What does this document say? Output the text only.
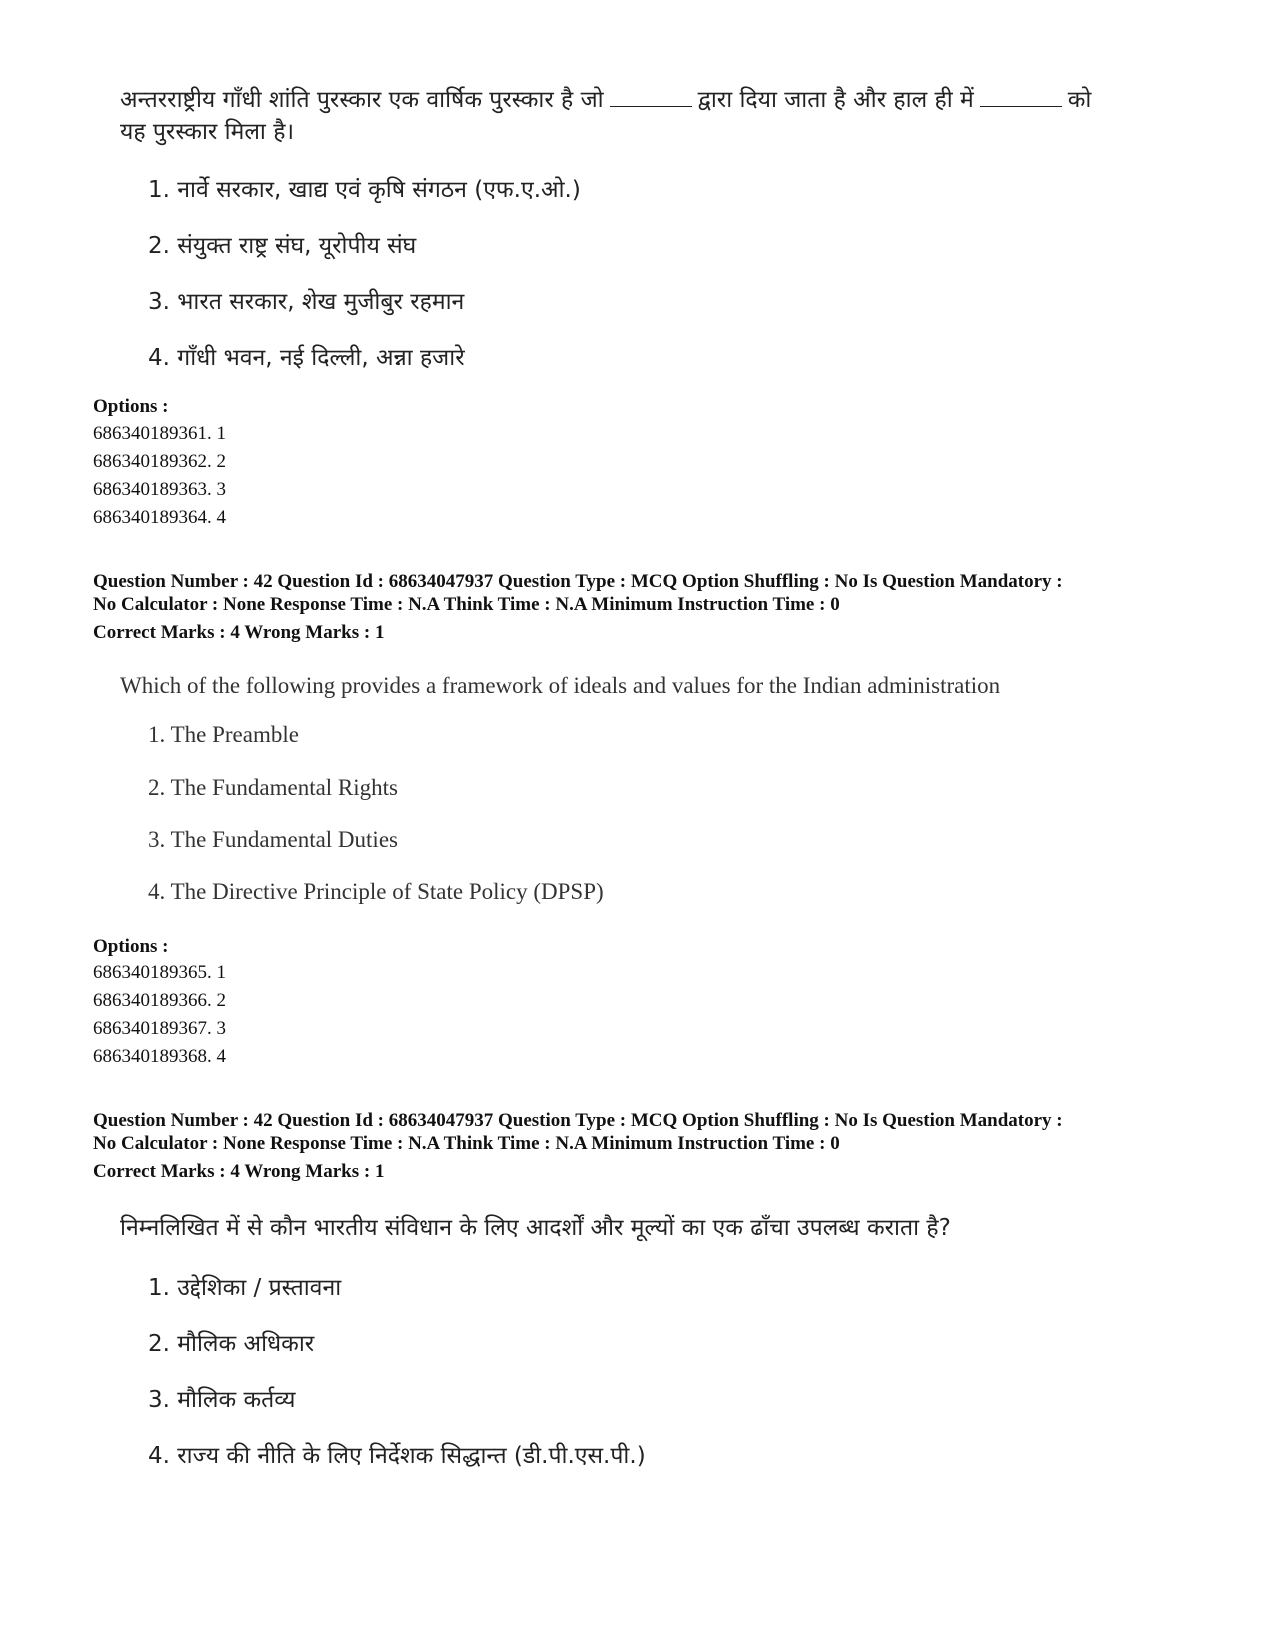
अन्तरराष्ट्रीय गाँधी शांति पुरस्कार एक वार्षिक पुरस्कार है जो	द्वारा दिया जाता है और हाल ही में	को
यह पुरस्कार मिला है।
1. नार्वे सरकार, खाद्य एवं कृषि संगठन (एफ.ए.ओ.)
2. संयुक्त राष्ट्र संघ, यूरोपीय संघ
3. भारत सरकार, शेख मुजीबुर रहमान
4. गाँधी भवन, नई दिल्ली, अन्ना हजारे
Options :
686340189361. 1
686340189362. 2
686340189363. 3
686340189364. 4
Question Number : 42 Question Id : 68634047937 Question Type : MCQ Option Shuffling : No Is Question Mandatory :
No Calculator : None Response Time : N.A Think Time : N.A Minimum Instruction Time : 0
Correct Marks : 4 Wrong Marks : 1
Which of the following provides a framework of ideals and values for the Indian administration
1. The Preamble
2. The Fundamental Rights
3. The Fundamental Duties
4. The Directive Principle of State Policy (DPSP)
Options :
686340189365. 1
686340189366. 2
686340189367. 3
686340189368. 4
Question Number : 42 Question Id : 68634047937 Question Type : MCQ Option Shuffling : No Is Question Mandatory :
No Calculator : None Response Time : N.A Think Time : N.A Minimum Instruction Time : 0
Correct Marks : 4 Wrong Marks : 1
निम्नलिखित में से कौन भारतीय संविधान के लिए आदर्शों और मूल्यों का एक ढाँचा उपलब्ध कराता है?
1. उद्देशिका / प्रस्तावना
2. मौलिक अधिकार
3. मौलिक कर्तव्य
4. राज्य की नीति के लिए निर्देशक सिद्धान्त (डी.पी.एस.पी.)
